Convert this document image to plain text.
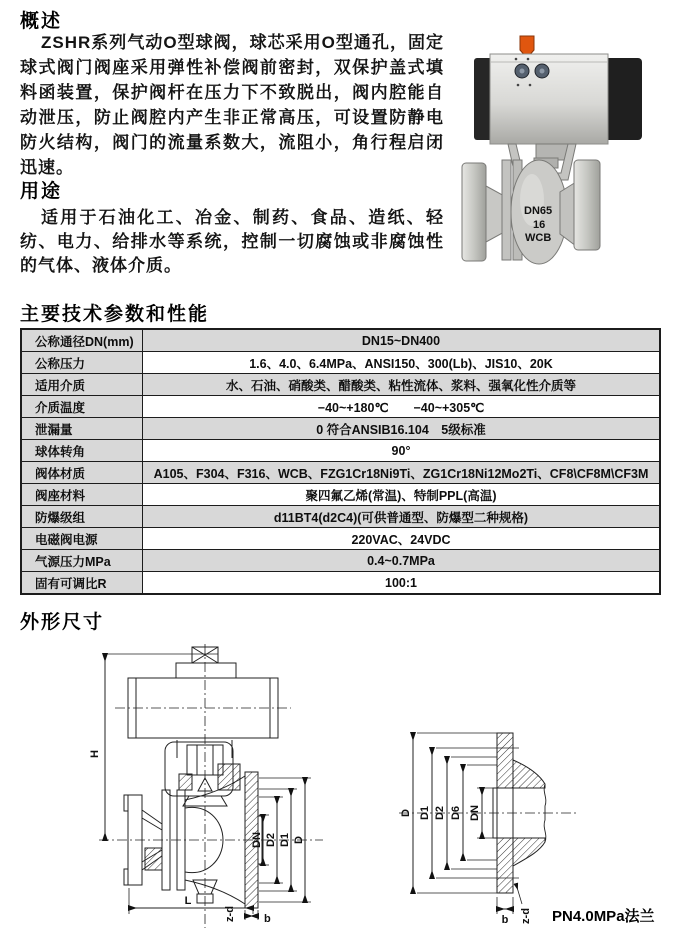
概述
ZSHR系列气动O型球阀，球芯采用O型通孔，固定球式阀门阀座采用弹性补偿阀前密封，双保护盖式填料函装置，保护阀杆在压力下不致脱出，阀内腔能自动泄压，防止阀腔内产生非正常高压，可设置防静电防火结构，阀门的流量系数大，流阻小，角行程启闭迅速。
DN65
16
WCB
用途
适用于石油化工、冶金、制药、食品、造纸、轻纺、电力、给排水等系统，控制一切腐蚀或非腐蚀性的气体、液体介质。
主要技术参数和性能
公称通径DN(mm)	DN15~DN400
公称压力	1.6、4.0、6.4MPa、ANSI150、300(Lb)、JIS10、20K
适用介质	水、石油、硝酸类、醋酸类、粘性流体、浆料、强氧化性介质等
介质温度	−40~+180℃　　−40~+305℃
泄漏量	0 符合ANSIB16.104　5级标准
球体转角	90°
阀体材质	A105、F304、F316、WCB、FZG1Cr18Ni9Ti、ZG1Cr18Ni12Mo2Ti、CF8\CF8M\CF3M
阀座材料	聚四氟乙烯(常温)、特制PPL(高温)
防爆级组	d11BT4(d2C4)(可供普通型、防爆型二种规格)
电磁阀电源	220VAC、24VDC
气源压力MPa	0.4~0.7MPa
固有可调比R	100:1
外形尺寸
H
DN D2 D1 D
L
z-d	b
D D1 D2 D6 DN
b z-d PN4.0MPa法兰
